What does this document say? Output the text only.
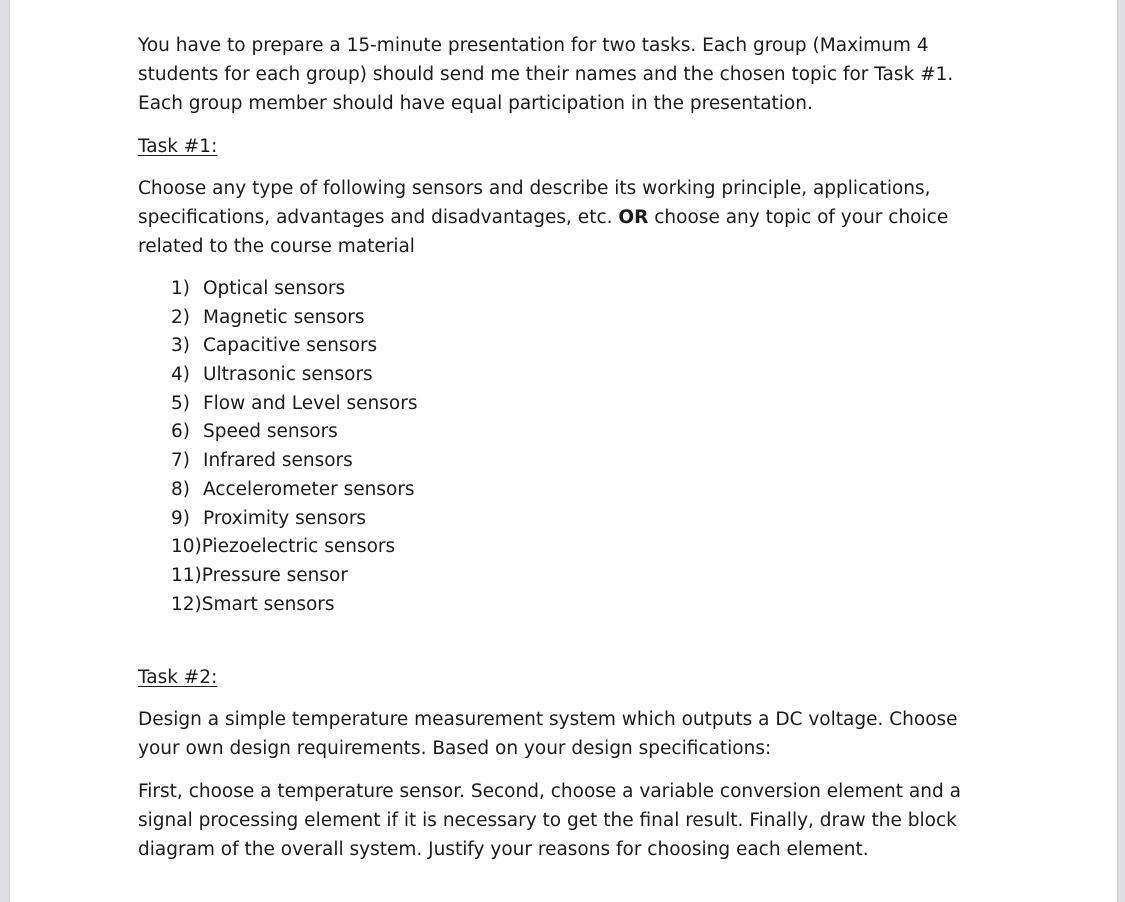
You have to prepare a 15-minute presentation for two tasks. Each group (Maximum 4 students for each group) should send me their names and the chosen topic for Task #1. Each group member should have equal participation in the presentation.

Task #1:

Choose any type of following sensors and describe its working principle, applications, specifications, advantages and disadvantages, etc. OR choose any topic of your choice related to the course material

1) Optical sensors
2) Magnetic sensors
3) Capacitive sensors
4) Ultrasonic sensors
5) Flow and Level sensors
6) Speed sensors
7) Infrared sensors
8) Accelerometer sensors
9) Proximity sensors
10)Piezoelectric sensors
11)Pressure sensor
12)Smart sensors

Task #2:

Design a simple temperature measurement system which outputs a DC voltage. Choose your own design requirements. Based on your design specifications:

First, choose a temperature sensor. Second, choose a variable conversion element and a signal processing element if it is necessary to get the final result. Finally, draw the block diagram of the overall system. Justify your reasons for choosing each element.
